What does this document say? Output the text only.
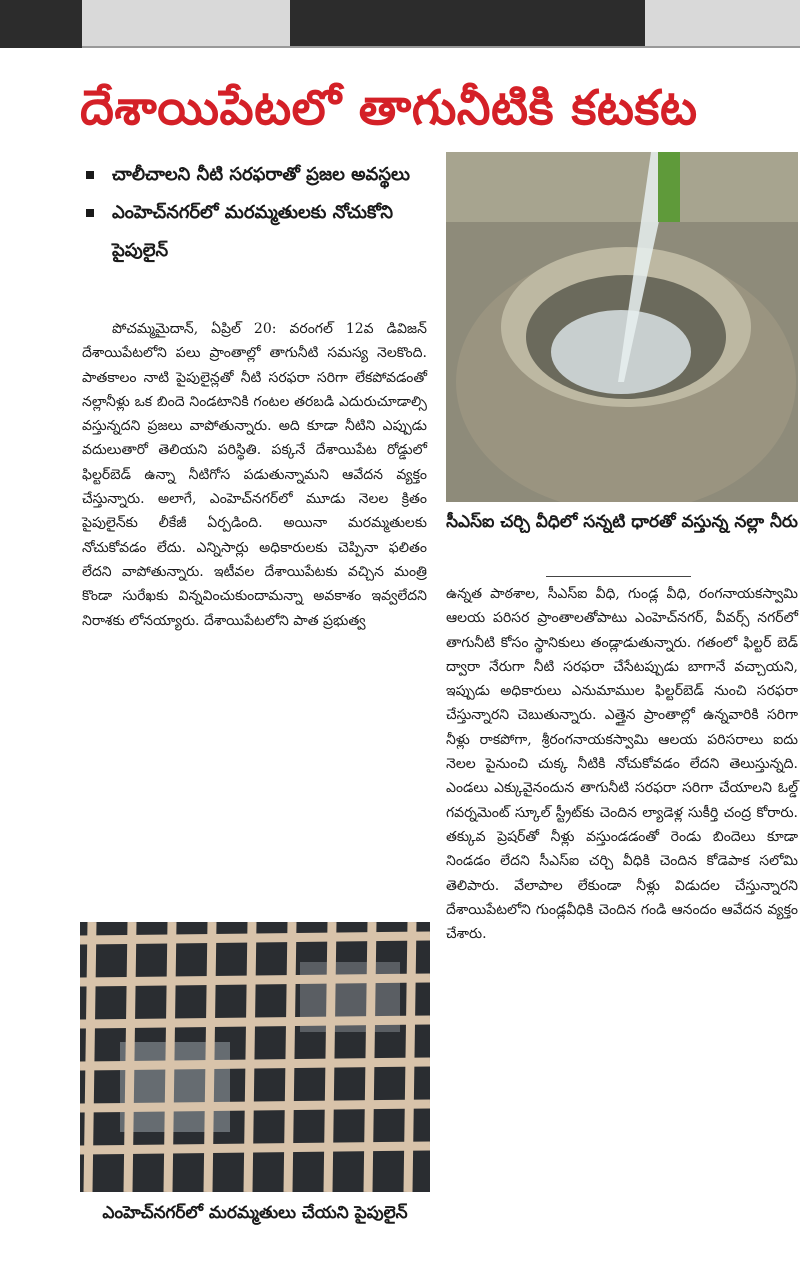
దేశాయిపేటలో తాగునీటికి కటకట
చాలీచాలని నీటి సరఫరాతో ప్రజల అవస్థలు
ఎంహెచ్‌నగర్‌లో మరమ్మతులకు నోచుకోని పైపులైన్‌

పోచమ్మమైదాన్‌, ఏప్రిల్‌ 20: వరంగల్‌ 12వ డివిజన్‌ దేశాయిపేటలోని పలు ప్రాంతాల్లో తాగునీటి సమస్య నెలకొంది. పాతకాలం నాటి పైపులైన్లతో నీటి సరఫరా సరిగా లేకపోవడంతో నల్లానీళ్లు ఒక బిందె నిండటానికి గంటల తరబడి ఎదురుచూడాల్సి వస్తున్నదని ప్రజలు వాపోతున్నారు. అది కూడా నీటిని ఎప్పుడు వదులుతారో తెలియని పరిస్థితి. పక్కనే దేశాయిపేట రోడ్డులో ఫిల్టర్‌బెడ్‌ ఉన్నా నీటిగోస పడుతున్నామని ఆవేదన వ్యక్తం చేస్తున్నారు. అలాగే, ఎంహెచ్‌నగర్‌లో మూడు నెలల క్రితం పైపులైన్‌కు లీకేజీ ఏర్పడింది. అయినా మరమ్మతులకు నోచుకోవడం లేదు. ఎన్నిసార్లు అధికారులకు చెప్పినా ఫలితం లేదని వాపోతున్నారు. ఇటీవల దేశాయిపేటకు వచ్చిన మంత్రి కొండా సురేఖకు విన్నవించుకుందామన్నా అవకాశం ఇవ్వలేదని నిరాశకు లోనయ్యారు. దేశాయిపేటలోని పాత ప్రభుత్వ

సీఎస్‌ఐ చర్చి వీధిలో సన్నటి ధారతో వస్తున్న నల్లా నీరు

ఉన్నత పాఠశాల, సీఎస్‌ఐ వీధి, గుండ్ల వీధి, రంగనాయకస్వామి ఆలయ పరిసర ప్రాంతాలతోపాటు ఎంహెచ్‌నగర్‌, వీవర్స్‌ నగర్‌లో తాగునీటి కోసం స్థానికులు తండ్లాడుతున్నారు. గతంలో ఫిల్టర్‌ బెడ్‌ ద్వారా నేరుగా నీటి సరఫరా చేసేటప్పుడు బాగానే వచ్చాయని, ఇప్పుడు అధికారులు ఎనుమాముల ఫిల్టర్‌బెడ్‌ నుంచి సరఫరా చేస్తున్నారని చెబుతున్నారు. ఎత్తైన ప్రాంతాల్లో ఉన్నవారికి సరిగా నీళ్లు రాకపోగా, శ్రీరంగనాయకస్వామి ఆలయ పరిసరాలు ఐదు నెలల పైనుంచి చుక్క నీటికి నోచుకోవడం లేదని తెలుస్తున్నది. ఎండలు ఎక్కువైనందున తాగునీటి సరఫరా సరిగా చేయాలని ఓల్డ్‌ గవర్నమెంట్‌ స్కూల్‌ స్ట్రీట్‌కు చెందిన ల్యాడెళ్ల సుకీర్తి చంద్ర కోరారు. తక్కువ ప్రెషర్‌తో నీళ్లు వస్తుండడంతో రెండు బిందెలు కూడా నిండడం లేదని సీఎస్‌ఐ చర్చి వీధికి చెందిన కోడెపాక సలోమి తెలిపారు. వేలాపాల లేకుండా నీళ్లు విడుదల చేస్తున్నారని దేశాయిపేటలోని గుండ్లవీధికి చెందిన గండి ఆనందం ఆవేదన వ్యక్తం చేశారు.

ఎంహెచ్‌నగర్‌లో మరమ్మతులు చేయని పైపులైన్‌
